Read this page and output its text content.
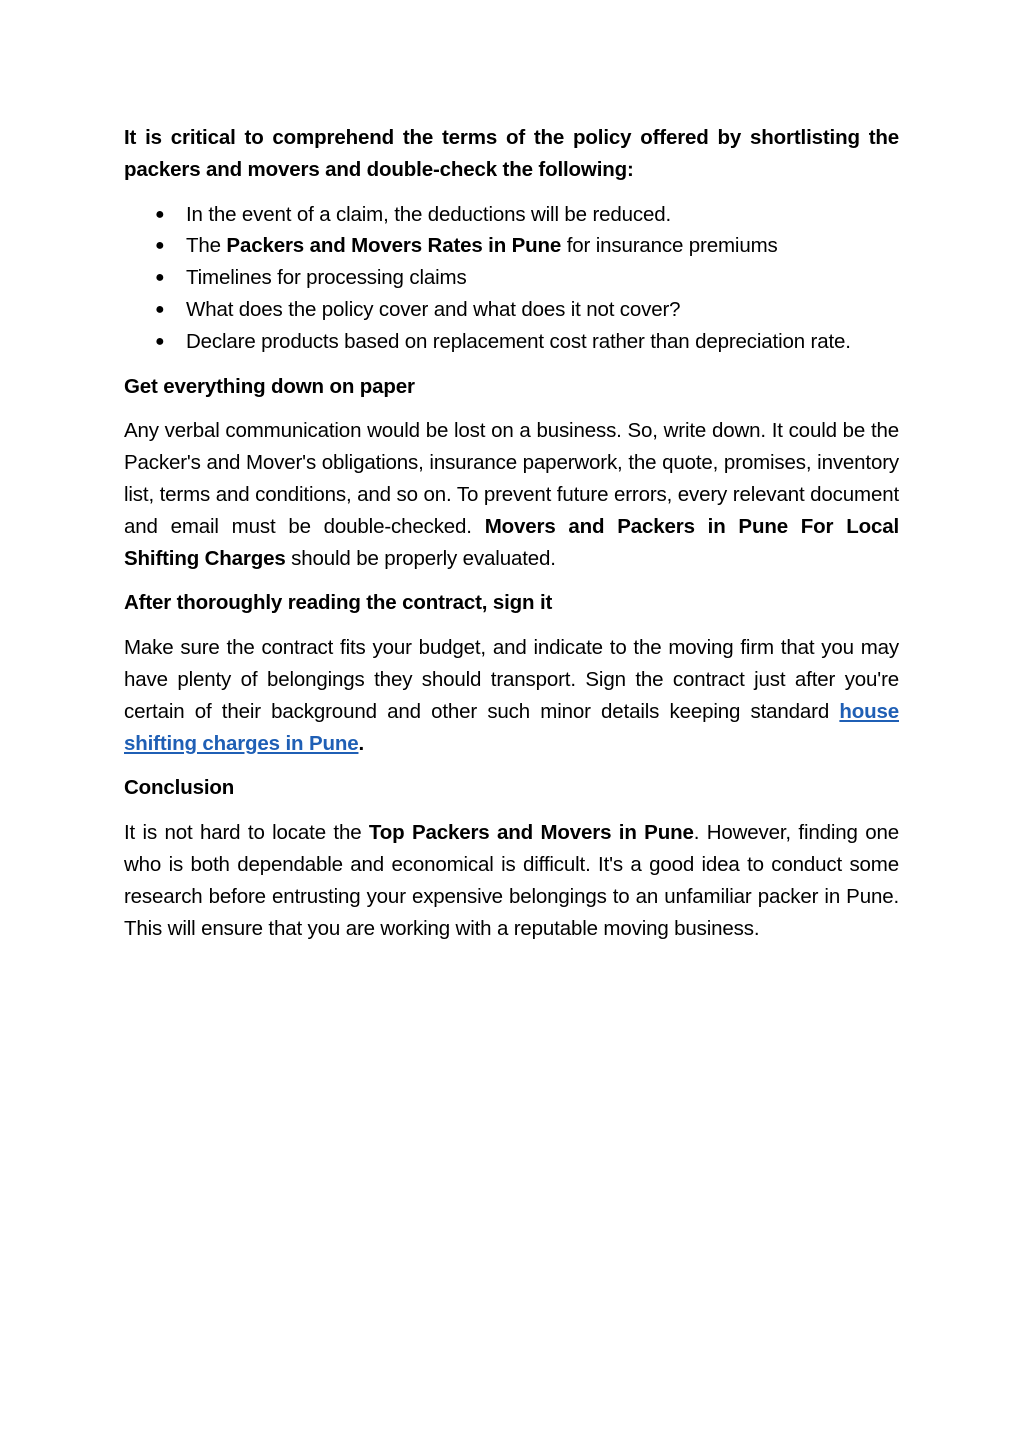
It is critical to comprehend the terms of the policy offered by shortlisting the packers and movers and double-check the following:

● In the event of a claim, the deductions will be reduced.
● The Packers and Movers Rates in Pune for insurance premiums
● Timelines for processing claims
● What does the policy cover and what does it not cover?
● Declare products based on replacement cost rather than depreciation rate.
Get everything down on paper

Any verbal communication would be lost on a business. So, write down. It could be the Packer's and Mover's obligations, insurance paperwork, the quote, promises, inventory list, terms and conditions, and so on. To prevent future errors, every relevant document and email must be double-checked. Movers and Packers in Pune For Local Shifting Charges should be properly evaluated.

After thoroughly reading the contract, sign it

Make sure the contract fits your budget, and indicate to the moving firm that you may have plenty of belongings they should transport. Sign the contract just after you're certain of their background and other such minor details keeping standard house shifting charges in Pune.

Conclusion

It is not hard to locate the Top Packers and Movers in Pune. However, finding one who is both dependable and economical is difficult. It's a good idea to conduct some research before entrusting your expensive belongings to an unfamiliar packer in Pune. This will ensure that you are working with a reputable moving business.
